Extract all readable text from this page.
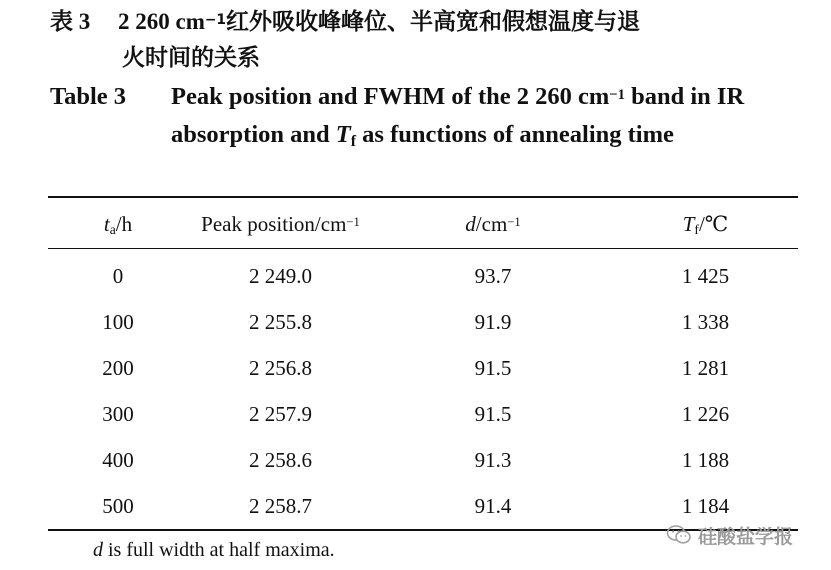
表 3 2 260 $cm^{-1}$红外吸收峰峰位、半高宽和假想温度与退
火时间的关系
Table 3 Peak position and FWHM of the 2 260 $cm^{-1}$ band in IR absorption and $T_f$ as functions of annealing time
$t_a/h$	Peak position/$cm^{-1}$	$d/cm^{-1}$	$T_f/℃$
0	2 249.0	93.7	1 425
100	2 255.8	91.9	1 338
200	2 256.8	91.5	1 281
300	2 257.9	91.5	1 226
400	2 258.6	91.3	1 188
500	2 258.7	91.4	1 184
d is full width at half maxima.
硅酸盐学报
